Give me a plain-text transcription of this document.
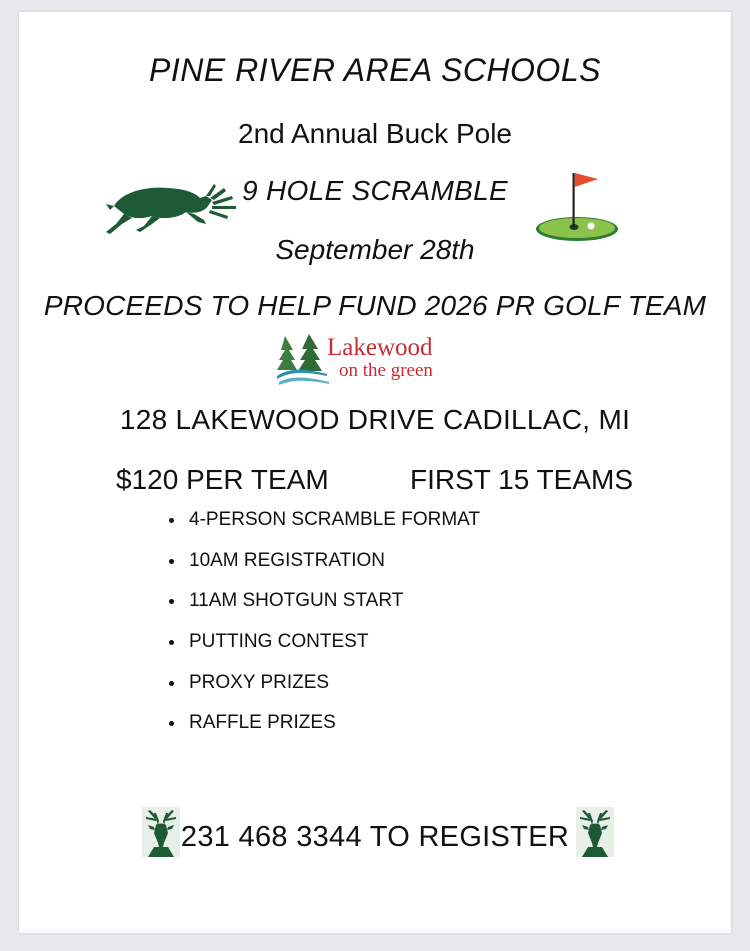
PINE RIVER AREA SCHOOLS
2nd Annual Buck Pole
9 HOLE SCRAMBLE
September 28th
PROCEEDS TO HELP FUND 2026 PR GOLF TEAM
Lakewood
on the green
128 LAKEWOOD DRIVE CADILLAC, MI
$120 PER TEAM	FIRST 15 TEAMS
4-PERSON SCRAMBLE FORMAT
10AM REGISTRATION
11AM SHOTGUN START
PUTTING CONTEST
PROXY PRIZES
RAFFLE PRIZES
231 468 3344 TO REGISTER
